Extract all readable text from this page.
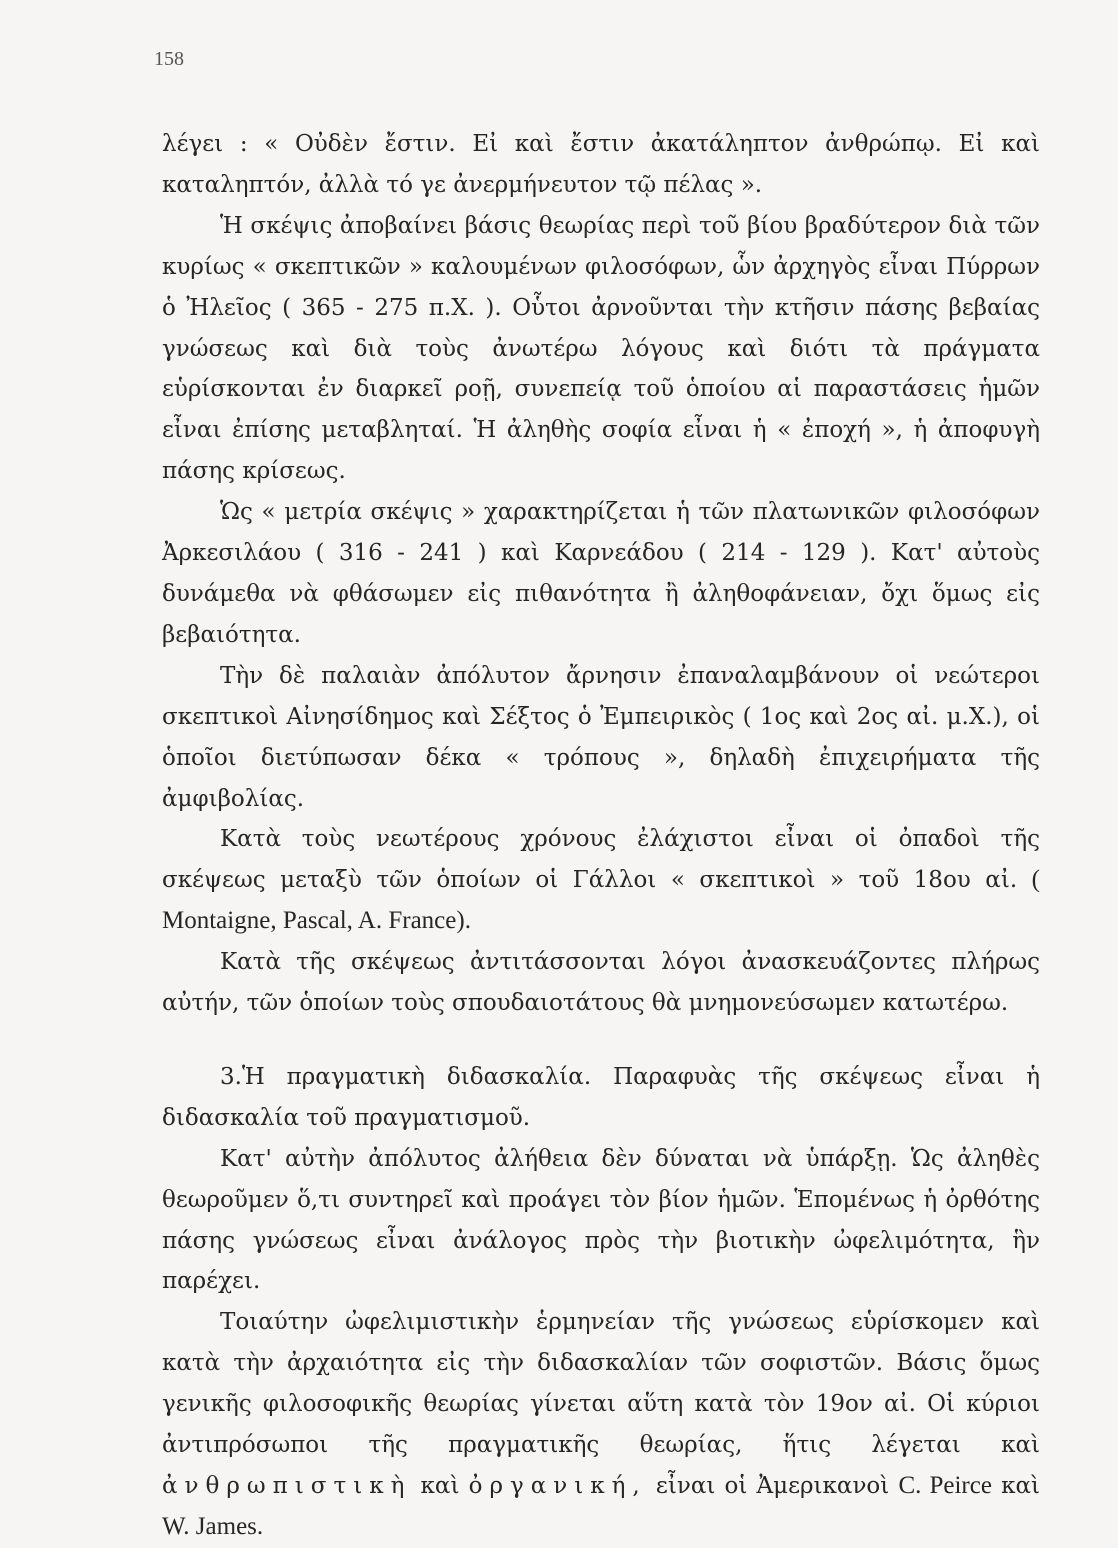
158

λέγει : « Οὐδὲν ἔστιν. Εἰ καὶ ἔστιν ἀκατάληπτον ἀνθρώπῳ. Εἰ καὶ καταληπτόν, ἀλλὰ τό γε ἀνερμήνευτον τῷ πέλας ».

Ἡ σκέψις ἀποβαίνει βάσις θεωρίας περὶ τοῦ βίου βραδύτερον διὰ τῶν κυρίως « σκεπτικῶν » καλουμένων φιλοσόφων, ὧν ἀρχηγὸς εἶναι Πύρρων ὁ Ἠλεῖος ( 365 - 275 π.Χ. ). Οὗτοι ἀρνοῦνται τὴν κτῆσιν πάσης βεβαίας γνώσεως καὶ διὰ τοὺς ἀνωτέρω λόγους καὶ διότι τὰ πράγματα εὑρίσκονται ἐν διαρκεῖ ροῇ, συνεπείᾳ τοῦ ὁποίου αἱ παραστάσεις ἡμῶν εἶναι ἐπίσης μεταβληταί. Ἡ ἀληθὴς σοφία εἶναι ἡ « ἐποχή », ἡ ἀποφυγὴ πάσης κρίσεως.

Ὡς « μετρία σκέψις » χαρακτηρίζεται ἡ τῶν πλατωνικῶν φιλοσόφων Ἀρκεσιλάου ( 316 - 241 ) καὶ Καρνεάδου ( 214 - 129 ). Κατ' αὐτοὺς δυνάμεθα νὰ φθάσωμεν εἰς πιθανότητα ἢ ἀληθοφάνειαν, ὄχι ὅμως εἰς βεβαιότητα.

Τὴν δὲ παλαιὰν ἀπόλυτον ἄρνησιν ἐπαναλαμβάνουν οἱ νεώτεροι σκεπτικοὶ Αἰνησίδημος καὶ Σέξτος ὁ Ἐμπειρικὸς ( 1ος καὶ 2ος αἰ. μ.Χ.), οἱ ὁποῖοι διετύπωσαν δέκα « τρόπους », δηλαδὴ ἐπιχειρήματα τῆς ἀμφιβολίας.

Κατὰ τοὺς νεωτέρους χρόνους ἐλάχιστοι εἶναι οἱ ὀπαδοὶ τῆς σκέψεως μεταξὺ τῶν ὁποίων οἱ Γάλλοι « σκεπτικοὶ » τοῦ 18ου αἰ. ( Montaigne, Pascal, A. France).

Κατὰ τῆς σκέψεως ἀντιτάσσονται λόγοι ἀνασκευάζοντες πλήρως αὐτήν, τῶν ὁποίων τοὺς σπουδαιοτάτους θὰ μνημονεύσωμεν κατωτέρω.

3.Ἡ πραγματικὴ διδασκαλία. Παραφυὰς τῆς σκέψεως εἶναι ἡ διδασκαλία τοῦ πραγματισμοῦ.

Κατ' αὐτὴν ἀπόλυτος ἀλήθεια δὲν δύναται νὰ ὑπάρξῃ. Ὡς ἀληθὲς θεωροῦμεν ὅ,τι συντηρεῖ καὶ προάγει τὸν βίον ἡμῶν. Ἑπομένως ἡ ὀρθότης πάσης γνώσεως εἶναι ἀνάλογος πρὸς τὴν βιοτικὴν ὠφελιμότητα, ἣν παρέχει.

Τοιαύτην ὠφελιμιστικὴν ἑρμηνείαν τῆς γνώσεως εὑρίσκομεν καὶ κατὰ τὴν ἀρχαιότητα εἰς τὴν διδασκαλίαν τῶν σοφιστῶν. Βάσις ὅμως γενικῆς φιλοσοφικῆς θεωρίας γίνεται αὕτη κατὰ τὸν 19ον αἰ. Οἱ κύριοι ἀντιπρόσωποι τῆς πραγματικῆς θεωρίας, ἥτις λέγεται καὶ ἀνθρωπιστικὴ καὶ ὀργανική, εἶναι οἱ Ἀμερικανοὶ C. Peirce καὶ W. James.
